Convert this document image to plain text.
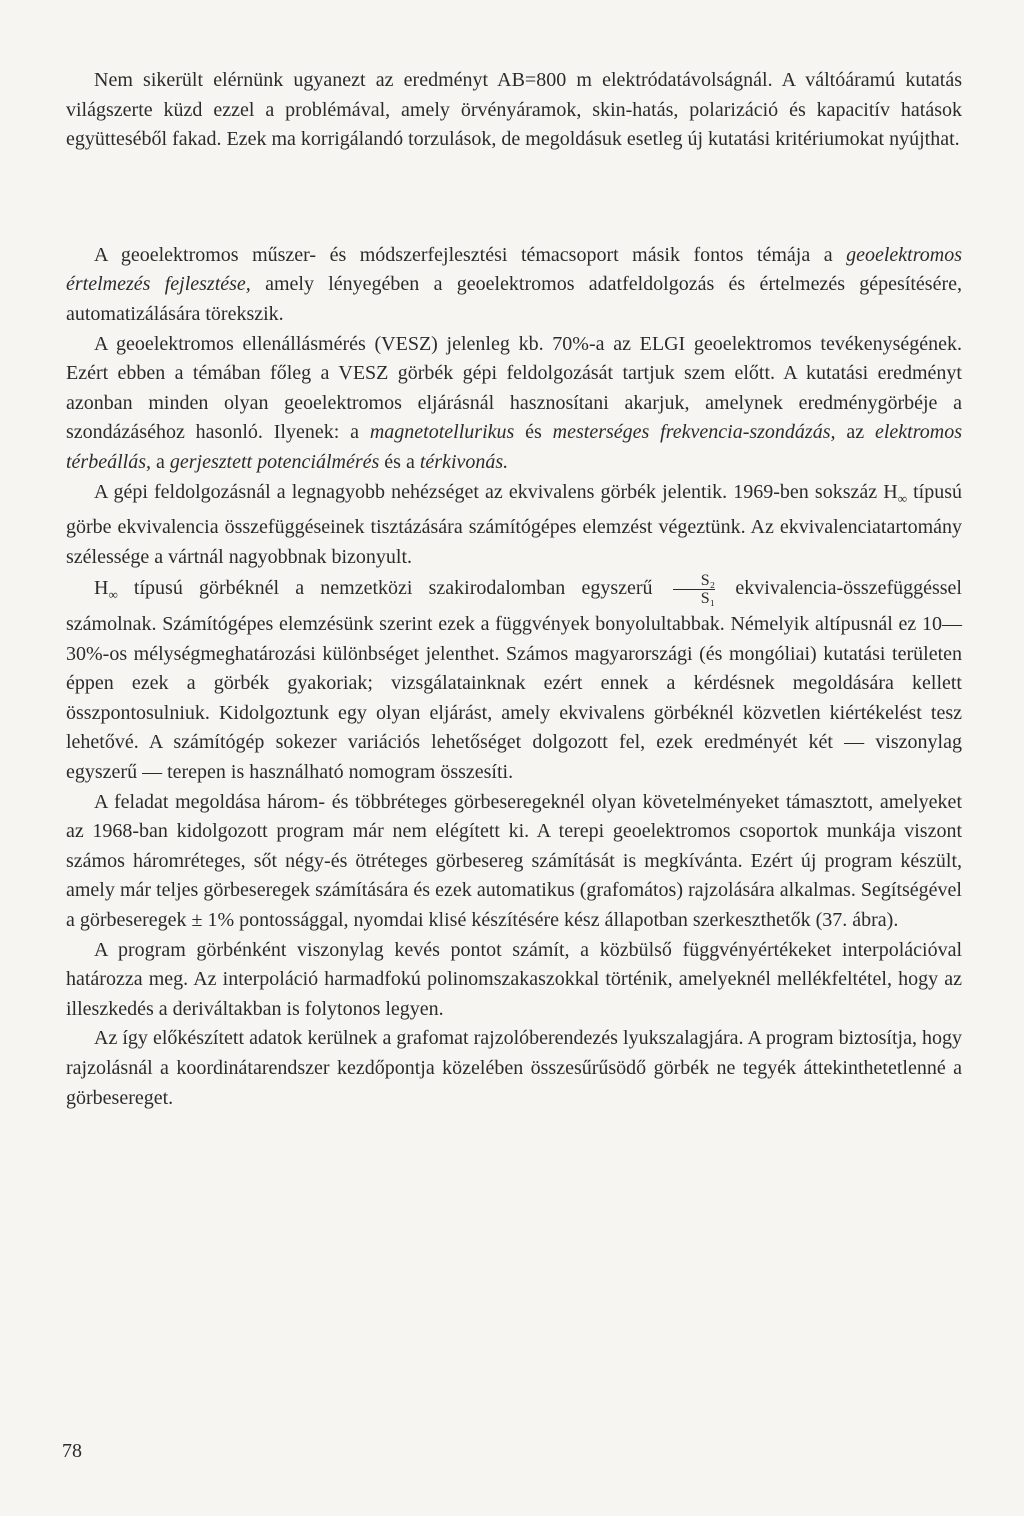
Nem sikerült elérnünk ugyanezt az eredményt AB=800 m elektródatávolságnál. A váltóáramú kutatás világszerte küzd ezzel a problémával, amely örvényáramok, skin-hatás, polarizáció és kapacitív hatások együtteséből fakad. Ezek ma korrigálandó torzulások, de megoldásuk esetleg új kutatási kritériumokat nyújthat.

A geoelektromos műszer- és módszerfejlesztési témacsoport másik fontos témája a geoelektromos értelmezés fejlesztése, amely lényegében a geoelektromos adatfeldolgozás és értelmezés gépesítésére, automatizálására törekszik.

A geoelektromos ellenállásmérés (VESZ) jelenleg kb. 70%-a az ELGI geoelektromos tevékenységének. Ezért ebben a témában főleg a VESZ görbék gépi feldolgozását tartjuk szem előtt. A kutatási eredményt azonban minden olyan geoelektromos eljárásnál hasznosítani akarjuk, amelynek eredménygörbéje a szondázáséhoz hasonló. Ilyenek: a magnetotellurikus és mesterséges frekvencia-szondázás, az elektromos térbeállás, a gerjesztett potenciálmérés és a térkivonás.

A gépi feldolgozásnál a legnagyobb nehézséget az ekvivalens görbék jelentik. 1969-ben sokszáz $H_\infty$ típusú görbe ekvivalencia összefüggéseinek tisztázására számítógépes elemzést végeztünk. Az ekvivalenciatartomány szélessége a vártnál nagyobbnak bizonyult.

$H_\infty$ típusú görbéknél a nemzetközi szakirodalomban egyszerű $\frac{\text{S₂}}{\text{S₁}}$ ekvivalencia-összefüggéssel számolnak. Számítógépes elemzésünk szerint ezek a függvények bonyolultabbak. Némelyik altípusnál ez 10—30%-os mélységmeghatározási különbséget jelenthet. Számos magyarországi (és mongóliai) kutatási területen éppen ezek a görbék gyakoriak; vizsgálatainknak ezért ennek a kérdésnek megoldására kellett összpontosulniuk. Kidolgoztunk egy olyan eljárást, amely ekvivalens görbéknél közvetlen kiértékelést tesz lehetővé. A számítógép sokezer variációs lehetőséget dolgozott fel, ezek eredményét két — viszonylag egyszerű — terepen is használható nomogram összesíti.

A feladat megoldása három- és többréteges görbeseregeknél olyan követelményeket támasztott, amelyeket az 1968-ban kidolgozott program már nem elégített ki. A terepi geoelektromos csoportok munkája viszont számos háromréteges, sőt négy-és ötréteges görbesereg számítását is megkívánta. Ezért új program készült, amely már teljes görbeseregek számítására és ezek automatikus (grafomátos) rajzolására alkalmas. Segítségével a görbeseregek ± 1% pontossággal, nyomdai klisé készítésére kész állapotban szerkeszthetők (37. ábra).

A program görbénként viszonylag kevés pontot számít, a közbülső függvényértékeket interpolációval határozza meg. Az interpoláció harmadfokú polinomszakaszokkal történik, amelyeknél mellékfeltétel, hogy az illeszkedés a deriváltakban is folytonos legyen.

Az így előkészített adatok kerülnek a grafomat rajzolóberendezés lyukszalagjára. A program biztosítja, hogy rajzolásnál a koordinátarendszer kezdőpontja közelében összesűrűsödő görbék ne tegyék áttekinthetetlenné a görbesereget.

78
